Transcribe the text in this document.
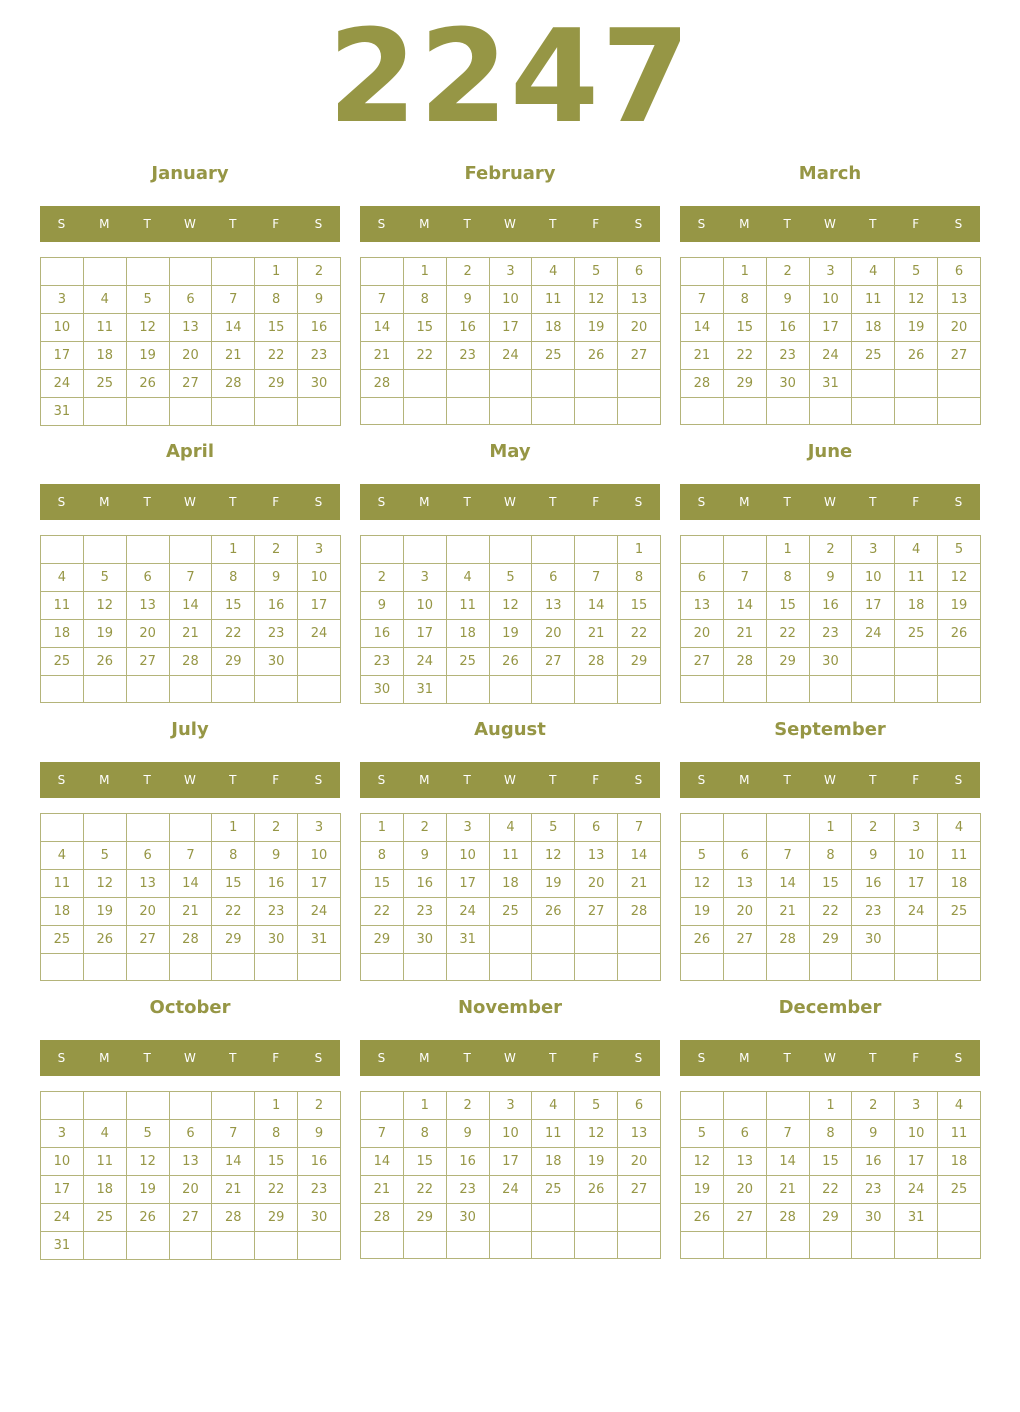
2247
January
S	M	T	W	T	F	S
					1	2
3	4	5	6	7	8	9
10	11	12	13	14	15	16
17	18	19	20	21	22	23
24	25	26	27	28	29	30
31						
February
S	M	T	W	T	F	S
	1	2	3	4	5	6
7	8	9	10	11	12	13
14	15	16	17	18	19	20
21	22	23	24	25	26	27
28						

March
S	M	T	W	T	F	S
	1	2	3	4	5	6
7	8	9	10	11	12	13
14	15	16	17	18	19	20
21	22	23	24	25	26	27
28	29	30	31			

April
S	M	T	W	T	F	S
				1	2	3
4	5	6	7	8	9	10
11	12	13	14	15	16	17
18	19	20	21	22	23	24
25	26	27	28	29	30	

May
S	M	T	W	T	F	S
						1
2	3	4	5	6	7	8
9	10	11	12	13	14	15
16	17	18	19	20	21	22
23	24	25	26	27	28	29
30	31					
June
S	M	T	W	T	F	S
		1	2	3	4	5
6	7	8	9	10	11	12
13	14	15	16	17	18	19
20	21	22	23	24	25	26
27	28	29	30			

July
S	M	T	W	T	F	S
				1	2	3
4	5	6	7	8	9	10
11	12	13	14	15	16	17
18	19	20	21	22	23	24
25	26	27	28	29	30	31

August
S	M	T	W	T	F	S
1	2	3	4	5	6	7
8	9	10	11	12	13	14
15	16	17	18	19	20	21
22	23	24	25	26	27	28
29	30	31				

September
S	M	T	W	T	F	S
			1	2	3	4
5	6	7	8	9	10	11
12	13	14	15	16	17	18
19	20	21	22	23	24	25
26	27	28	29	30		

October
S	M	T	W	T	F	S
					1	2
3	4	5	6	7	8	9
10	11	12	13	14	15	16
17	18	19	20	21	22	23
24	25	26	27	28	29	30
31						
November
S	M	T	W	T	F	S
	1	2	3	4	5	6
7	8	9	10	11	12	13
14	15	16	17	18	19	20
21	22	23	24	25	26	27
28	29	30				

December
S	M	T	W	T	F	S
			1	2	3	4
5	6	7	8	9	10	11
12	13	14	15	16	17	18
19	20	21	22	23	24	25
26	27	28	29	30	31	
